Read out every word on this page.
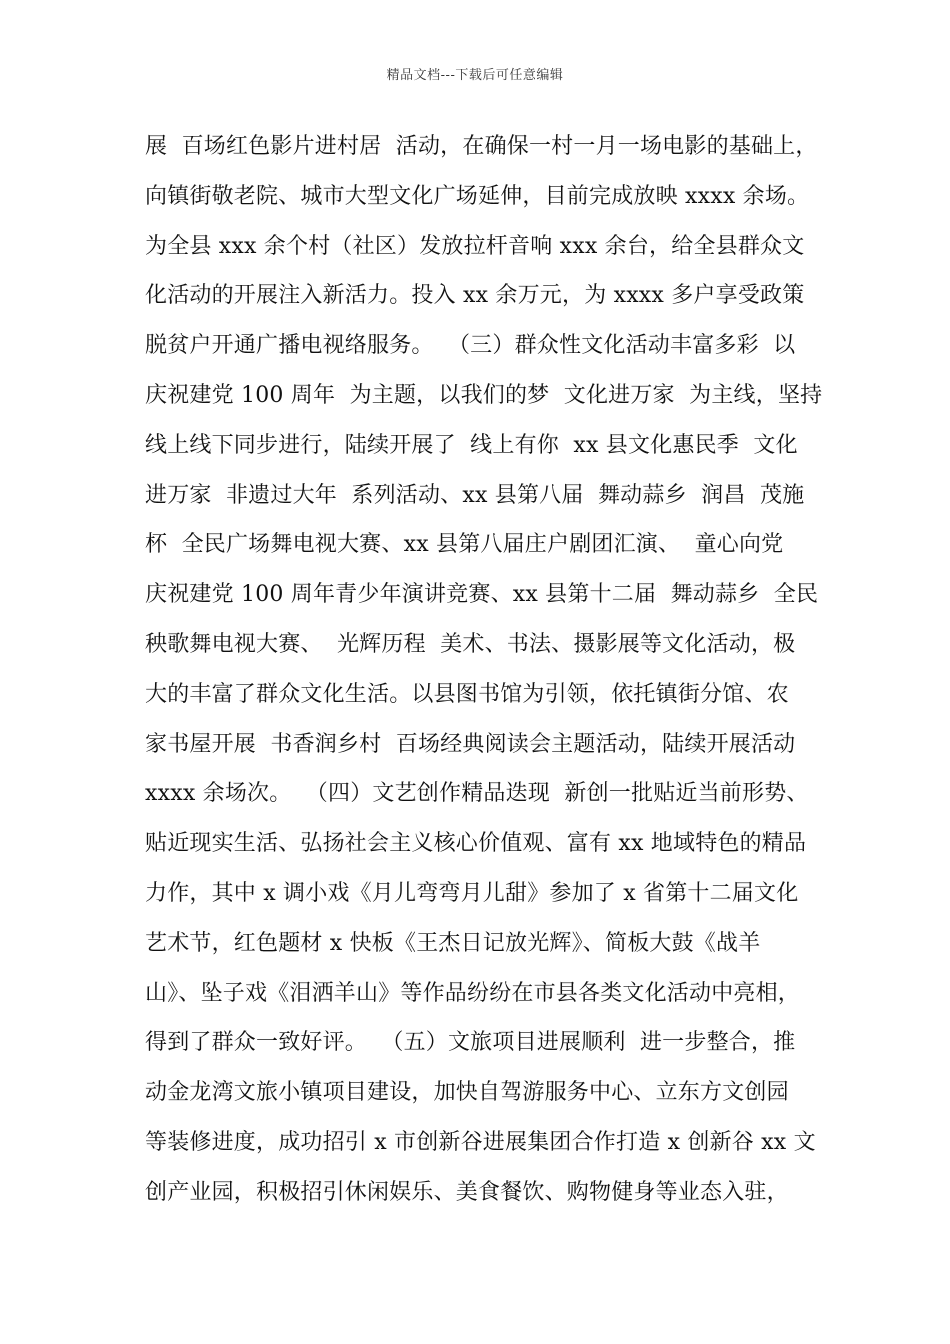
精品文档---下载后可任意编辑
展  百场红色影片进村居  活动，在确保一村一月一场电影的基础上，
向镇街敬老院、城市大型文化广场延伸，目前完成放映 xxxx 余场。
为全县 xxx 余个村（社区）发放拉杆音响 xxx 余台，给全县群众文
化活动的开展注入新活力。投入 xx 余万元，为 xxxx 多户享受政策
脱贫户开通广播电视络服务。  （三）群众性文化活动丰富多彩  以
庆祝建党 100 周年  为主题，以我们的梦  文化进万家  为主线，坚持
线上线下同步进行，陆续开展了  线上有你  xx 县文化惠民季  文化
进万家  非遗过大年  系列活动、xx 县第八届  舞动蒜乡  润昌  茂施
杯  全民广场舞电视大赛、xx 县第八届庄户剧团汇演、  童心向党
庆祝建党 100 周年青少年演讲竞赛、xx 县第十二届  舞动蒜乡  全民
秧歌舞电视大赛、  光辉历程  美术、书法、摄影展等文化活动，极
大的丰富了群众文化生活。以县图书馆为引领，依托镇街分馆、农
家书屋开展  书香润乡村  百场经典阅读会主题活动，陆续开展活动
xxxx 余场次。  （四）文艺创作精品迭现  新创一批贴近当前形势、
贴近现实生活、弘扬社会主义核心价值观、富有 xx 地域特色的精品
力作，其中 x 调小戏《月儿弯弯月儿甜》参加了 x 省第十二届文化
艺术节，红色题材 x 快板《王杰日记放光辉》、简板大鼓《战羊
山》、坠子戏《泪洒羊山》等作品纷纷在市县各类文化活动中亮相，
得到了群众一致好评。  （五）文旅项目进展顺利  进一步整合，推
动金龙湾文旅小镇项目建设，加快自驾游服务中心、立东方文创园
等装修进度，成功招引 x 市创新谷进展集团合作打造 x 创新谷 xx 文
创产业园，积极招引休闲娱乐、美食餐饮、购物健身等业态入驻，
